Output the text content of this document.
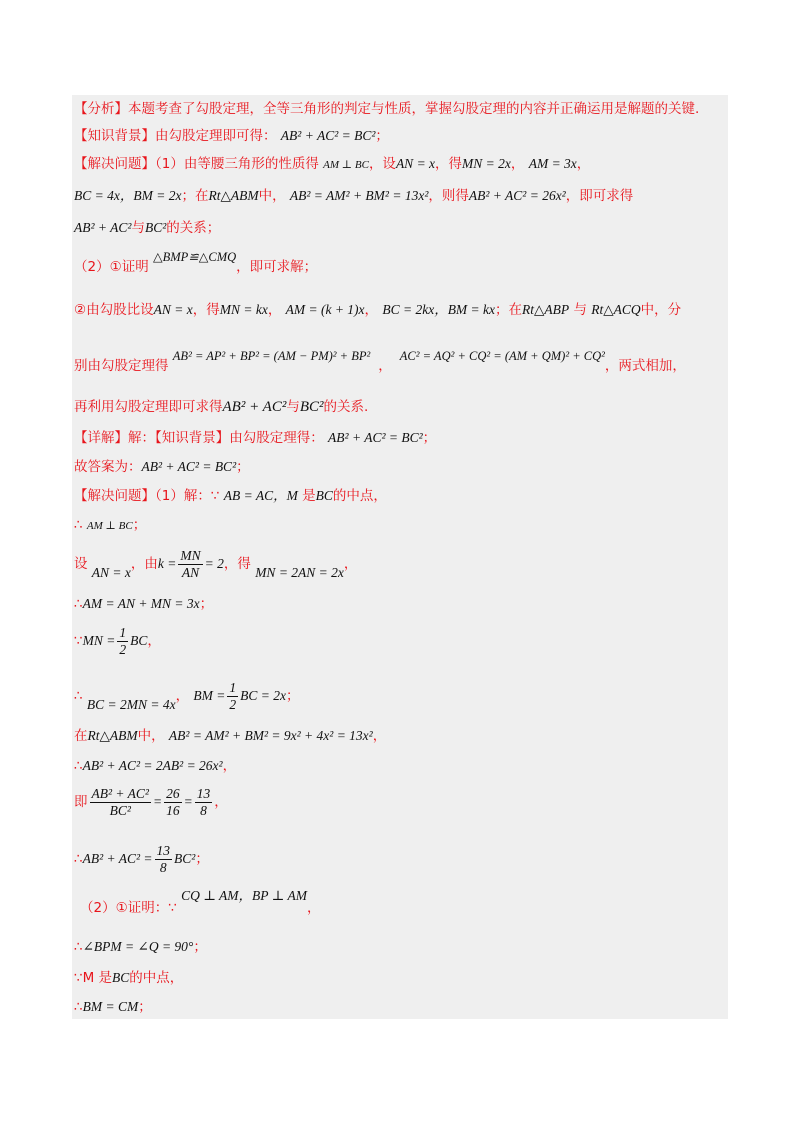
【分析】本题考查了勾股定理，全等三角形的判定与性质，掌握勾股定理的内容并正确运用是解题的关键.
【知识背景】由勾股定理即可得： AB² + AC² = BC²；
【解决问题】（1）由等腰三角形的性质得 AM ⊥ BC，设AN = x，得MN = 2x， AM = 3x，
BC = 4x，BM = 2x；在Rt△ABM中， AB² = AM² + BM² = 13x²，则得AB² + AC² = 26x²，即可求得
AB² + AC²与BC²的关系；
（2）①证明 △BMP≌△CMQ，即可求解；
②由勾股比设AN = x，得MN = kx， AM = (k + 1)x， BC = 2kx，BM = kx；在Rt△ABP 与 Rt△ACQ中，分
别由勾股定理得 AB² = AP² + BP² = (AM − PM)² + BP²，AC² = AQ² + CQ² = (AM + QM)² + CQ²，两式相加，
再利用勾股定理即可求得AB² + AC²与BC²的关系.
【详解】解：【知识背景】由勾股定理得： AB² + AC² = BC²；
故答案为：AB² + AC² = BC²；
【解决问题】（1）解：∵ AB = AC，M 是BC的中点，
∴ AM ⊥ BC；
设 AN = x，由$k = \frac{MN}{AN} = 2$，得 MN = 2AN = 2x，
∴AM = AN + MN = 3x；
∵MN = $\frac{1}{2}$ BC，
∴ BC = 2MN = 4x， BM = $\frac{1}{2}$ BC = 2x；
在Rt△ABM中， AB² = AM² + BM² = 9x² + 4x² = 13x²，
∴AB² + AC² = 2AB² = 26x²，
即 $\frac{\text{AB² + AC²}}{\text{BC²}} = \frac{26}{16} = \frac{13}{8}$ ，
∴AB² + $AC^2 = \frac{13}{8} BC^2$；
（2）①证明：∵ CQ ⊥ AM，BP ⊥ AM，
∴∠BPM = ∠Q = 90°；
∵M 是BC的中点，
∴BM = CM；
